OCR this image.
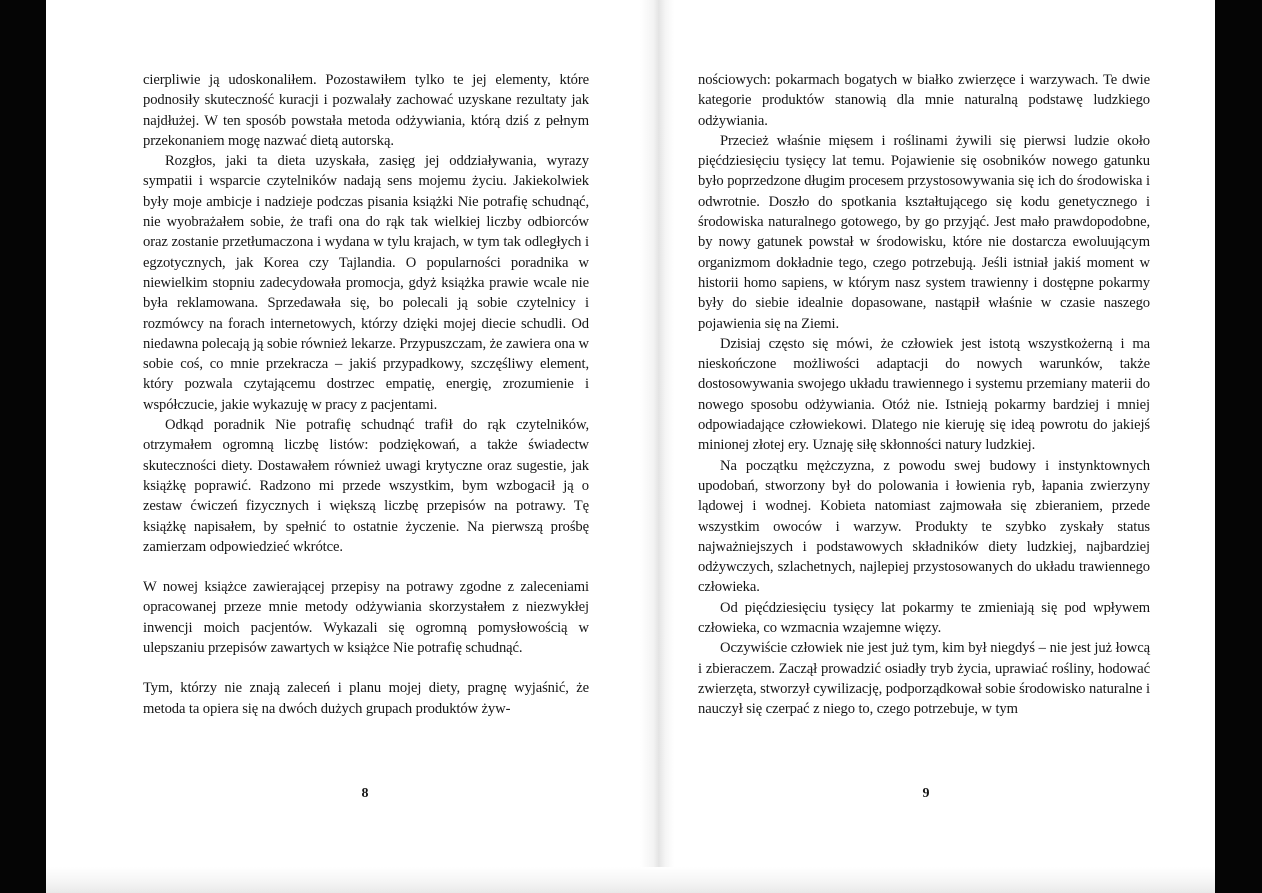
cierpliwie ją udoskonaliłem. Pozostawiłem tylko te jej elementy, które podnosiły skuteczność kuracji i pozwalały zachować uzyskane rezultaty jak najdłużej. W ten sposób powstała metoda odżywiania, którą dziś z pełnym przekonaniem mogę nazwać dietą autorską.

Rozgłos, jaki ta dieta uzyskała, zasięg jej oddziaływania, wyrazy sympatii i wsparcie czytelników nadają sens mojemu życiu. Jakiekolwiek były moje ambicje i nadzieje podczas pisania książki Nie potrafię schudnąć, nie wyobrażałem sobie, że trafi ona do rąk tak wielkiej liczby odbiorców oraz zostanie przetłumaczona i wydana w tylu krajach, w tym tak odległych i egzotycznych, jak Korea czy Tajlandia. O popularności poradnika w niewielkim stopniu zadecydowała promocja, gdyż książka prawie wcale nie była reklamowana. Sprzedawała się, bo polecali ją sobie czytelnicy i rozmówcy na forach internetowych, którzy dzięki mojej diecie schudli. Od niedawna polecają ją sobie również lekarze. Przypuszczam, że zawiera ona w sobie coś, co mnie przekracza – jakiś przypadkowy, szczęśliwy element, który pozwala czytającemu dostrzec empatię, energię, zrozumienie i współczucie, jakie wykazuję w pracy z pacjentami.

Odkąd poradnik Nie potrafię schudnąć trafił do rąk czytelników, otrzymałem ogromną liczbę listów: podziękowań, a także świadectw skuteczności diety. Dostawałem również uwagi krytyczne oraz sugestie, jak książkę poprawić. Radzono mi przede wszystkim, bym wzbogacił ją o zestaw ćwiczeń fizycznych i większą liczbę przepisów na potrawy. Tę książkę napisałem, by spełnić to ostatnie życzenie. Na pierwszą prośbę zamierzam odpowiedzieć wkrótce.

W nowej książce zawierającej przepisy na potrawy zgodne z zaleceniami opracowanej przeze mnie metody odżywiania skorzystałem z niezwykłej inwencji moich pacjentów. Wykazali się ogromną pomysłowością w ulepszaniu przepisów zawartych w książce Nie potrafię schudnąć.

Tym, którzy nie znają zaleceń i planu mojej diety, pragnę wyjaśnić, że metoda ta opiera się na dwóch dużych grupach produktów żyw-

8

nościowych: pokarmach bogatych w białko zwierzęce i warzywach. Te dwie kategorie produktów stanowią dla mnie naturalną podstawę ludzkiego odżywiania.

Przecież właśnie mięsem i roślinami żywili się pierwsi ludzie około pięćdziesięciu tysięcy lat temu. Pojawienie się osobników nowego gatunku było poprzedzone długim procesem przystosowywania się ich do środowiska i odwrotnie. Doszło do spotkania kształtującego się kodu genetycznego i środowiska naturalnego gotowego, by go przyjąć. Jest mało prawdopodobne, by nowy gatunek powstał w środowisku, które nie dostarcza ewoluującym organizmom dokładnie tego, czego potrzebują. Jeśli istniał jakiś moment w historii homo sapiens, w którym nasz system trawienny i dostępne pokarmy były do siebie idealnie dopasowane, nastąpił właśnie w czasie naszego pojawienia się na Ziemi.

Dzisiaj często się mówi, że człowiek jest istotą wszystkożerną i ma nieskończone możliwości adaptacji do nowych warunków, także dostosowywania swojego układu trawiennego i systemu przemiany materii do nowego sposobu odżywiania. Otóż nie. Istnieją pokarmy bardziej i mniej odpowiadające człowiekowi. Dlatego nie kieruję się ideą powrotu do jakiejś minionej złotej ery. Uznaję siłę skłonności natury ludzkiej.

Na początku mężczyzna, z powodu swej budowy i instynktownych upodobań, stworzony był do polowania i łowienia ryb, łapania zwierzyny lądowej i wodnej. Kobieta natomiast zajmowała się zbieraniem, przede wszystkim owoców i warzyw. Produkty te szybko zyskały status najważniejszych i podstawowych składników diety ludzkiej, najbardziej odżywczych, szlachetnych, najlepiej przystosowanych do układu trawiennego człowieka.

Od pięćdziesięciu tysięcy lat pokarmy te zmieniają się pod wpływem człowieka, co wzmacnia wzajemne więzy.

Oczywiście człowiek nie jest już tym, kim był niegdyś – nie jest już łowcą i zbieraczem. Zaczął prowadzić osiadły tryb życia, uprawiać rośliny, hodować zwierzęta, stworzył cywilizację, podporządkował sobie środowisko naturalne i nauczył się czerpać z niego to, czego potrzebuje, w tym

9
